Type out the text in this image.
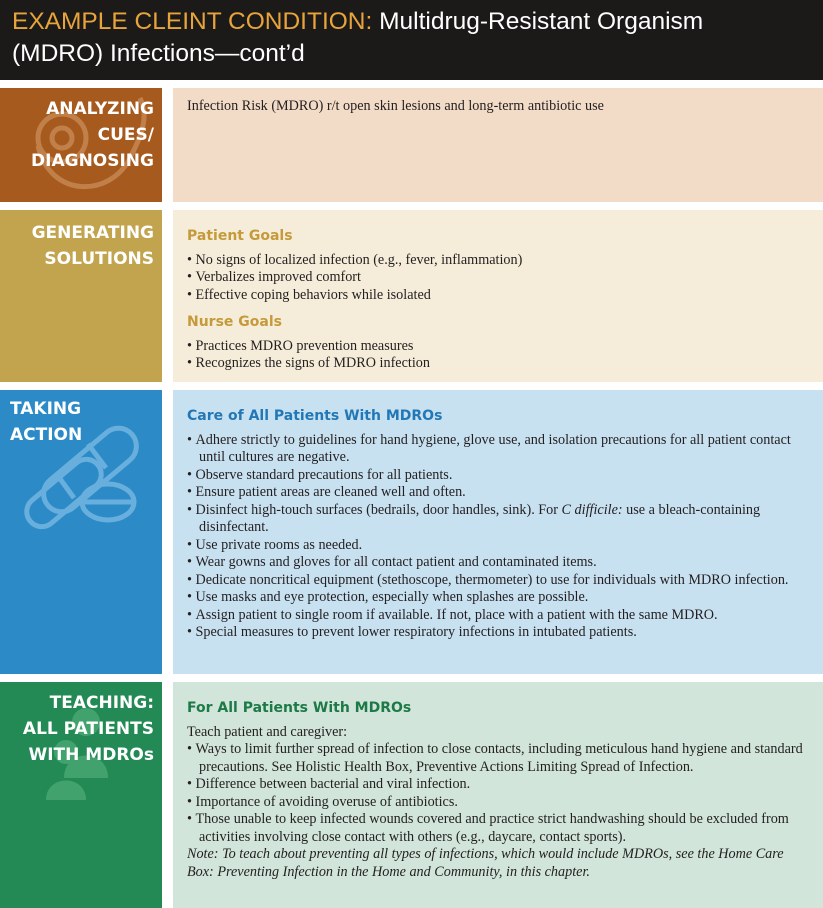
EXAMPLE CLEINT CONDITION: Multidrug-Resistant Organism
(MDRO) Infections—cont’d
ANALYZING
CUES/
DIAGNOSING

Infection Risk (MDRO) r/t open skin lesions and long-term antibiotic use

GENERATING
SOLUTIONS
Patient Goals
• No signs of localized infection (e.g., fever, inflammation)
• Verbalizes improved comfort
• Effective coping behaviors while isolated
Nurse Goals
• Practices MDRO prevention measures
• Recognizes the signs of MDRO infection
TAKING ACTION
Care of All Patients With MDROs
• Adhere strictly to guidelines for hand hygiene, glove use, and isolation precautions for all patient contact until cultures are negative.
• Observe standard precautions for all patients.
• Ensure patient areas are cleaned well and often.
• Disinfect high-touch surfaces (bedrails, door handles, sink). For C difficile: use a bleach-containing disinfectant.
• Use private rooms as needed.
• Wear gowns and gloves for all contact patient and contaminated items.
• Dedicate noncritical equipment (stethoscope, thermometer) to use for individuals with MDRO infection.
• Use masks and eye protection, especially when splashes are possible.
• Assign patient to single room if available. If not, place with a patient with the same MDRO.
• Special measures to prevent lower respiratory infections in intubated patients.
TEACHING:
ALL PATIENTS
WITH MDROs
For All Patients With MDROs

Teach patient and caregiver:

• Ways to limit further spread of infection to close contacts, including meticulous hand hygiene and standard precautions. See Holistic Health Box, Preventive Actions Limiting Spread of Infection.
• Difference between bacterial and viral infection.
• Importance of avoiding overuse of antibiotics.
• Those unable to keep infected wounds covered and practice strict handwashing should be excluded from activities involving close contact with others (e.g., daycare, contact sports).

Note: To teach about preventing all types of infections, which would include MDROs, see the Home Care Box: Preventing Infection in the Home and Community, in this chapter.
